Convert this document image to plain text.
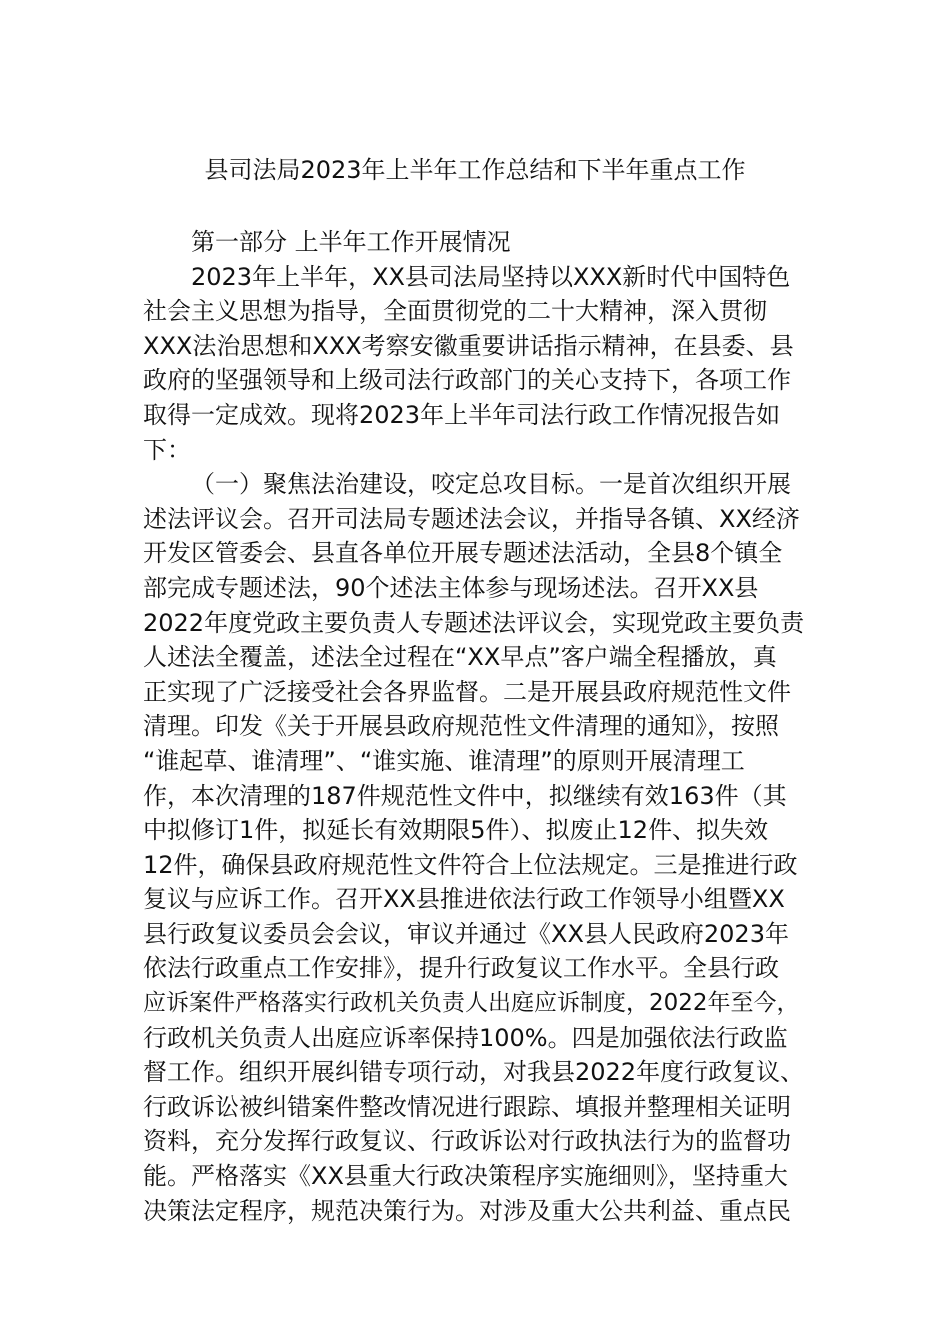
县司法局2023年上半年工作总结和下半年重点工作
第一部分 上半年工作开展情况
2023年上半年，XX县司法局坚持以XXX新时代中国特色
社会主义思想为指导，全面贯彻党的二十大精神，深入贯彻
XXX法治思想和XXX考察安徽重要讲话指示精神，在县委、县
政府的坚强领导和上级司法行政部门的关心支持下，各项工作
取得一定成效。现将2023年上半年司法行政工作情况报告如
下：
（一）聚焦法治建设，咬定总攻目标。一是首次组织开展
述法评议会。召开司法局专题述法会议，并指导各镇、XX经济
开发区管委会、县直各单位开展专题述法活动，全县8个镇全
部完成专题述法，90个述法主体参与现场述法。召开XX县
2022年度党政主要负责人专题述法评议会，实现党政主要负责
人述法全覆盖，述法全过程在“XX早点”客户端全程播放，真
正实现了广泛接受社会各界监督。二是开展县政府规范性文件
清理。印发《关于开展县政府规范性文件清理的通知》，按照
“谁起草、谁清理”、“谁实施、谁清理”的原则开展清理工
作，本次清理的187件规范性文件中，拟继续有效163件（其
中拟修订1件，拟延长有效期限5件）、拟废止12件、拟失效
12件，确保县政府规范性文件符合上位法规定。三是推进行政
复议与应诉工作。召开XX县推进依法行政工作领导小组暨XX
县行政复议委员会会议，审议并通过《XX县人民政府2023年
依法行政重点工作安排》，提升行政复议工作水平。全县行政
应诉案件严格落实行政机关负责人出庭应诉制度，2022年至今，
行政机关负责人出庭应诉率保持100%。四是加强依法行政监
督工作。组织开展纠错专项行动，对我县2022年度行政复议、
行政诉讼被纠错案件整改情况进行跟踪、填报并整理相关证明
资料，充分发挥行政复议、行政诉讼对行政执法行为的监督功
能。严格落实《XX县重大行政决策程序实施细则》，坚持重大
决策法定程序，规范决策行为。对涉及重大公共利益、重点民
